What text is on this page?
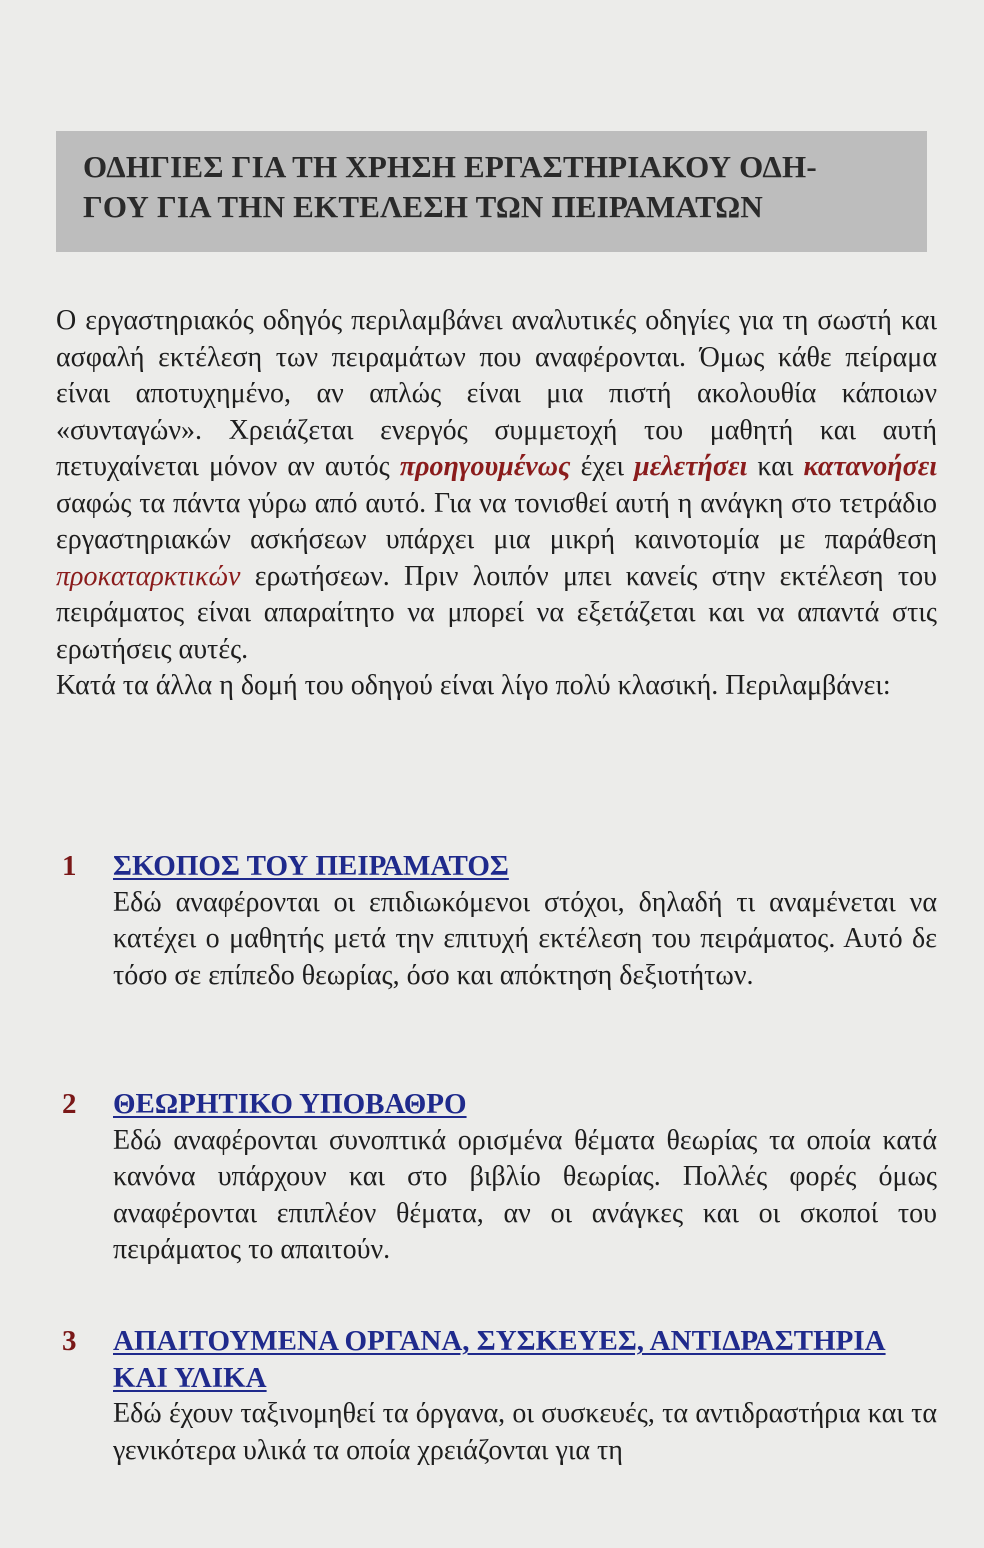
ΟΔΗΓΙΕΣ ΓΙΑ ΤΗ ΧΡΗΣΗ ΕΡΓΑΣΤΗΡΙΑΚΟΥ ΟΔΗ-
ΓΟΥ ΓΙΑ ΤΗΝ ΕΚΤΕΛΕΣΗ ΤΩΝ ΠΕΙΡΑΜΑΤΩΝ

Ο εργαστηριακός οδηγός περιλαμβάνει αναλυτικές οδηγίες για τη σωστή και ασφαλή εκτέλεση των πειραμάτων που αναφέρονται. Όμως κάθε πείραμα είναι αποτυχημένο, αν απλώς είναι μια πιστή ακολουθία κάποιων «συνταγών». Χρειάζεται ενεργός συμμετοχή του μαθητή και αυτή πετυχαίνεται μόνον αν αυτός προηγουμένως έχει μελετήσει και κατανοήσει σαφώς τα πάντα γύρω από αυτό. Για να τονισθεί αυτή η ανάγκη στο τετράδιο εργαστηριακών ασκήσεων υπάρχει μια μικρή καινοτομία με παράθεση προκαταρκτικών ερωτήσεων. Πριν λοιπόν μπει κανείς στην εκτέλεση του πειράματος είναι απαραίτητο να μπορεί να εξετάζεται και να απαντά στις ερωτήσεις αυτές.

Κατά τα άλλα η δομή του οδηγού είναι λίγο πολύ κλασική. Περιλαμβάνει:

1 ΣΚΟΠΟΣ ΤΟΥ ΠΕΙΡΑΜΑΤΟΣ
Εδώ αναφέρονται οι επιδιωκόμενοι στόχοι, δηλαδή τι αναμένεται να κατέχει ο μαθητής μετά την επιτυχή εκτέλεση του πειράματος. Αυτό δε τόσο σε επίπεδο θεωρίας, όσο και απόκτηση δεξιοτήτων.
2 ΘΕΩΡΗΤΙΚΟ ΥΠΟΒΑΘΡΟ
Εδώ αναφέρονται συνοπτικά ορισμένα θέματα θεωρίας τα οποία κατά κανόνα υπάρχουν και στο βιβλίο θεωρίας. Πολλές φορές όμως αναφέρονται επιπλέον θέματα, αν οι ανάγκες και οι σκοποί του πειράματος το απαιτούν.
3 ΑΠΑΙΤΟΥΜΕΝΑ ΟΡΓΑΝΑ, ΣΥΣΚΕΥΕΣ, ΑΝΤΙΔΡΑΣΤΗΡΙΑ ΚΑΙ ΥΛΙΚΑ
Εδώ έχουν ταξινομηθεί τα όργανα, οι συσκευές, τα αντιδραστήρια και τα γενικότερα υλικά τα οποία χρειάζονται για τη
